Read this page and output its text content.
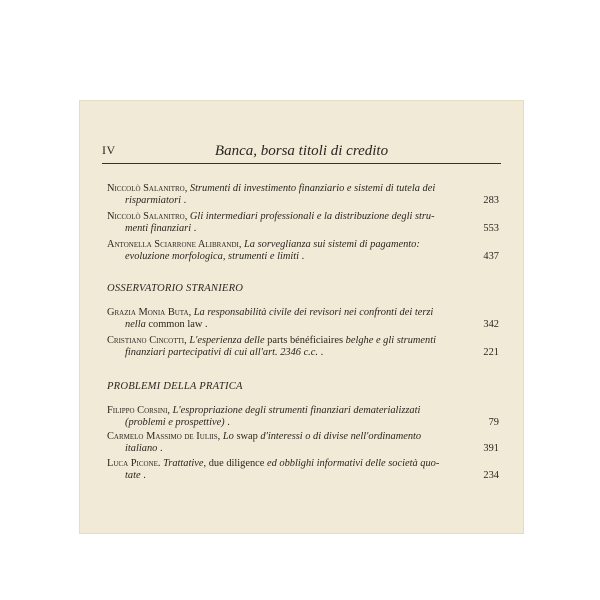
IV	Banca, borsa titoli di credito
Niccolò Salanitro, Strumenti di investimento finanziario e sistemi di tutela dei
risparmiatori .	283
Niccolò Salanitro, Gli intermediari professionali e la distribuzione degli stru-
menti finanziari .	553
Antonella Sciarrone Alibrandi, La sorveglianza sui sistemi di pagamento:
evoluzione morfologica, strumenti e limiti .	437
OSSERVATORIO STRANIERO
Grazia Monia Buta, La responsabilità civile dei revisori nei confronti dei terzi
nella common law .	342
Cristiano Cincotti, L'esperienza delle parts bénéficiaires belghe e gli strumenti
finanziari partecipativi di cui all'art. 2346 c.c. .	221
PROBLEMI DELLA PRATICA
Filippo Corsini, L'espropriazione degli strumenti finanziari dematerializzati
(problemi e prospettive) .	79
Carmelo Massimo de Iuliis, Lo swap d'interessi o di divise nell'ordinamento
italiano .	391
Luca Picone. Trattative, due diligence ed obblighi informativi delle società quo-
tate .	234
